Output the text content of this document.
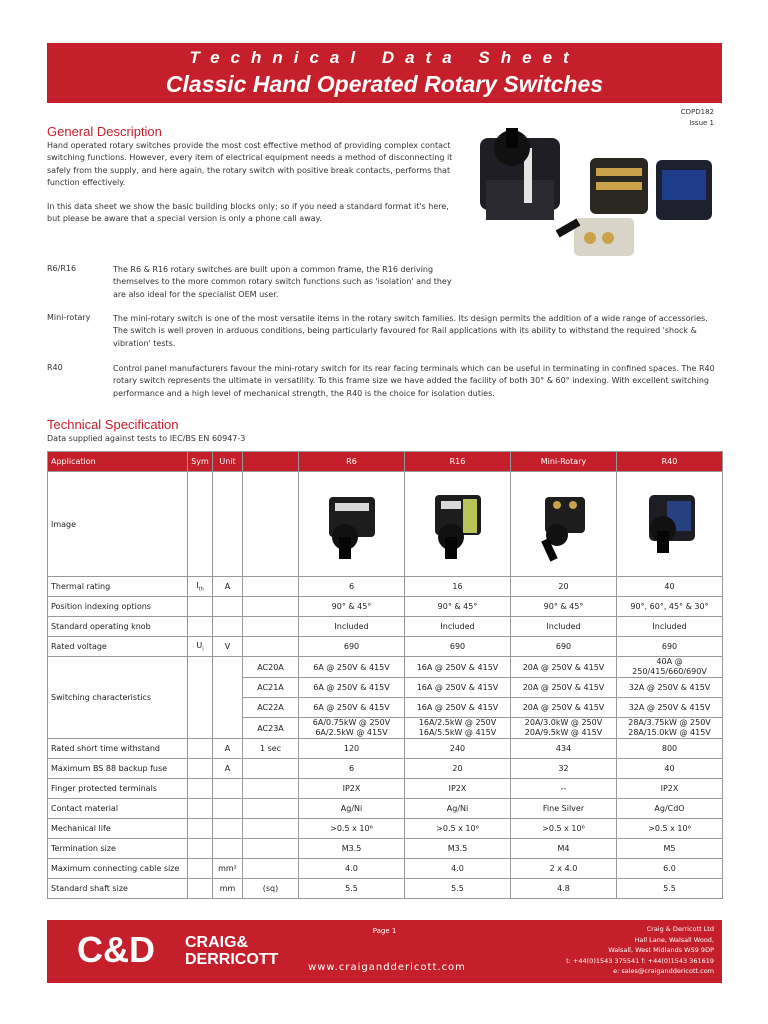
Technical Data Sheet
Classic Hand Operated Rotary Switches
CDPD182
Issue 1
General Description

Hand operated rotary switches provide the most cost effective method of providing complex contact switching functions. However, every item of electrical equipment needs a method of disconnecting it safely from the supply, and here again, the rotary switch with positive break contacts, performs that function effectively.

In this data sheet we show the basic building blocks only; so if you need a standard format it's here, but please be aware that a special version is only a phone call away.

R6/R16	The R6 & R16 rotary switches are built upon a common frame, the R16 deriving themselves to the more common rotary switch functions such as 'isolation' and they are also ideal for the specialist OEM user.

Mini-rotary	The mini-rotary switch is one of the most versatile items in the rotary switch families. Its design permits the addition of a wide range of accessories. The switch is well proven in arduous conditions, being particularly favoured for Rail applications with its ability to withstand the required 'shock & vibration' tests.

R40	Control panel manufacturers favour the mini-rotary switch for its rear facing terminals which can be useful in terminating in confined spaces. The R40 rotary switch represents the ultimate in versatility. To this frame size we have added the facility of both 30° & 60° indexing. With excellent switching performance and a high level of mechanical strength, the R40 is the choice for isolation duties.

Technical Specification
Data supplied against tests to IEC/BS EN 60947-3
Application	Sym	Unit		R6	R16	Mini-Rotary	R40
Image							
Thermal rating	$I_{th}$	A		6	16	20	40
Position indexing options				90° & 45°	90° & 45°	90° & 45°	90°, 60°, 45° & 30°
Standard operating knob				Included	Included	Included	Included
Rated voltage	$U_i$	V		690	690	690	690
Switching characteristics			AC20A	6A @ 250V & 415V	16A @ 250V & 415V	20A @ 250V & 415V	40A @ 250/415/660/690V
			AC21A	6A @ 250V & 415V	16A @ 250V & 415V	20A @ 250V & 415V	32A @ 250V & 415V
			AC22A	6A @ 250V & 415V	16A @ 250V & 415V	20A @ 250V & 415V	32A @ 250V & 415V
			AC23A	6A/0.75kW @ 250V 6A/2.5kW @ 415V	16A/2.5kW @ 250V 16A/5.5kW @ 415V	20A/3.0kW @ 250V 20A/9.5kW @ 415V	28A/3.75kW @ 250V 28A/15.0kW @ 415V
Rated short time withstand		A	1 sec	120	240	434	800
Maximum BS 88 backup fuse		A		6	20	32	40
Finger protected terminals				IP2X	IP2X	--	IP2X
Contact material				Ag/Ni	Ag/Ni	Fine Silver	Ag/CdO
Mechanical life				>0.5 x 10⁶	>0.5 x 10⁶	>0.5 x 10⁶	>0.5 x 10⁶
Termination size				M3.5	M3.5	M4	M5
Maximum connecting cable size		mm²		4.0	4.0	2 x 4.0	6.0
Standard shaft size		mm	(sq)	5.5	5.5	4.8	5.5
C&D CRAIG&
DERRICOTT
Page 1
www.craiganddericott.com
Craig & Derricott Ltd
Hall Lane, Walsall Wood,
Walsall, West Midlands WS9 9DP
t: +44(0)1543 375541 f: +44(0)1543 361619
e: sales@craiganddericott.com
